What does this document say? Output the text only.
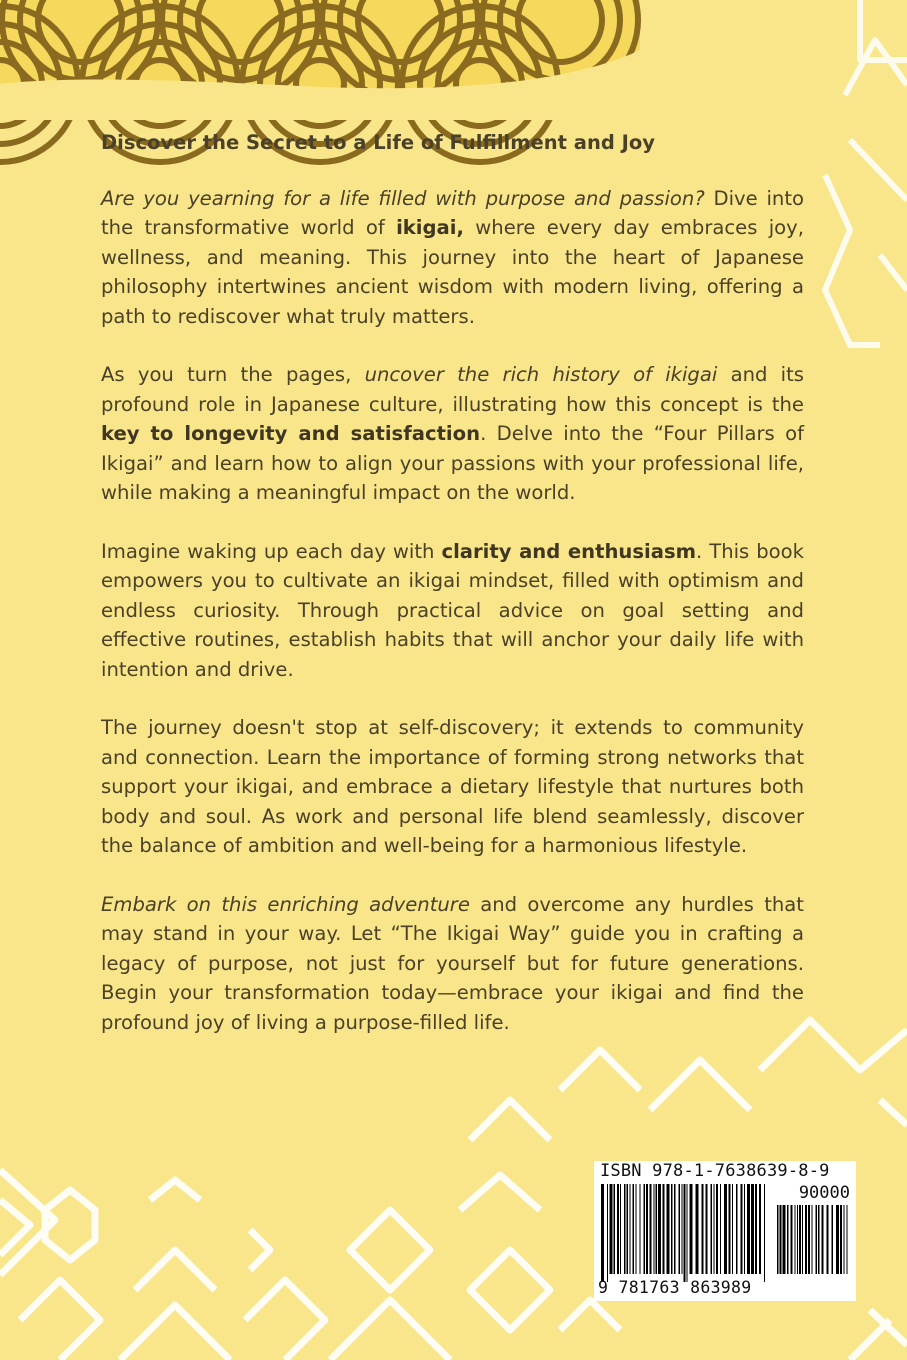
Discover the Secret to a Life of Fulfillment and Joy

Are you yearning for a life filled with purpose and passion? Dive into the transformative world of ikigai, where every day embraces joy, wellness, and meaning. This journey into the heart of Japanese philosophy intertwines ancient wisdom with modern living, offering a path to rediscover what truly matters.

As you turn the pages, uncover the rich history of ikigai and its profound role in Japanese culture, illustrating how this concept is the key to longevity and satisfaction. Delve into the “Four Pillars of Ikigai” and learn how to align your passions with your professional life, while making a meaningful impact on the world.

Imagine waking up each day with clarity and enthusiasm. This book empowers you to cultivate an ikigai mindset, filled with optimism and endless curiosity. Through practical advice on goal setting and effective routines, establish habits that will anchor your daily life with intention and drive.

The journey doesn't stop at self-discovery; it extends to community and connection. Learn the importance of forming strong networks that support your ikigai, and embrace a dietary lifestyle that nurtures both body and soul. As work and personal life blend seamlessly, discover the balance of ambition and well-being for a harmonious lifestyle.

Embark on this enriching adventure and overcome any hurdles that may stand in your way. Let “The Ikigai Way” guide you in crafting a legacy of purpose, not just for yourself but for future generations. Begin your transformation today—embrace your ikigai and find the profound joy of living a purpose-filled life.

ISBN 978-1-7638639-8-9
90000
9 781763 863989
